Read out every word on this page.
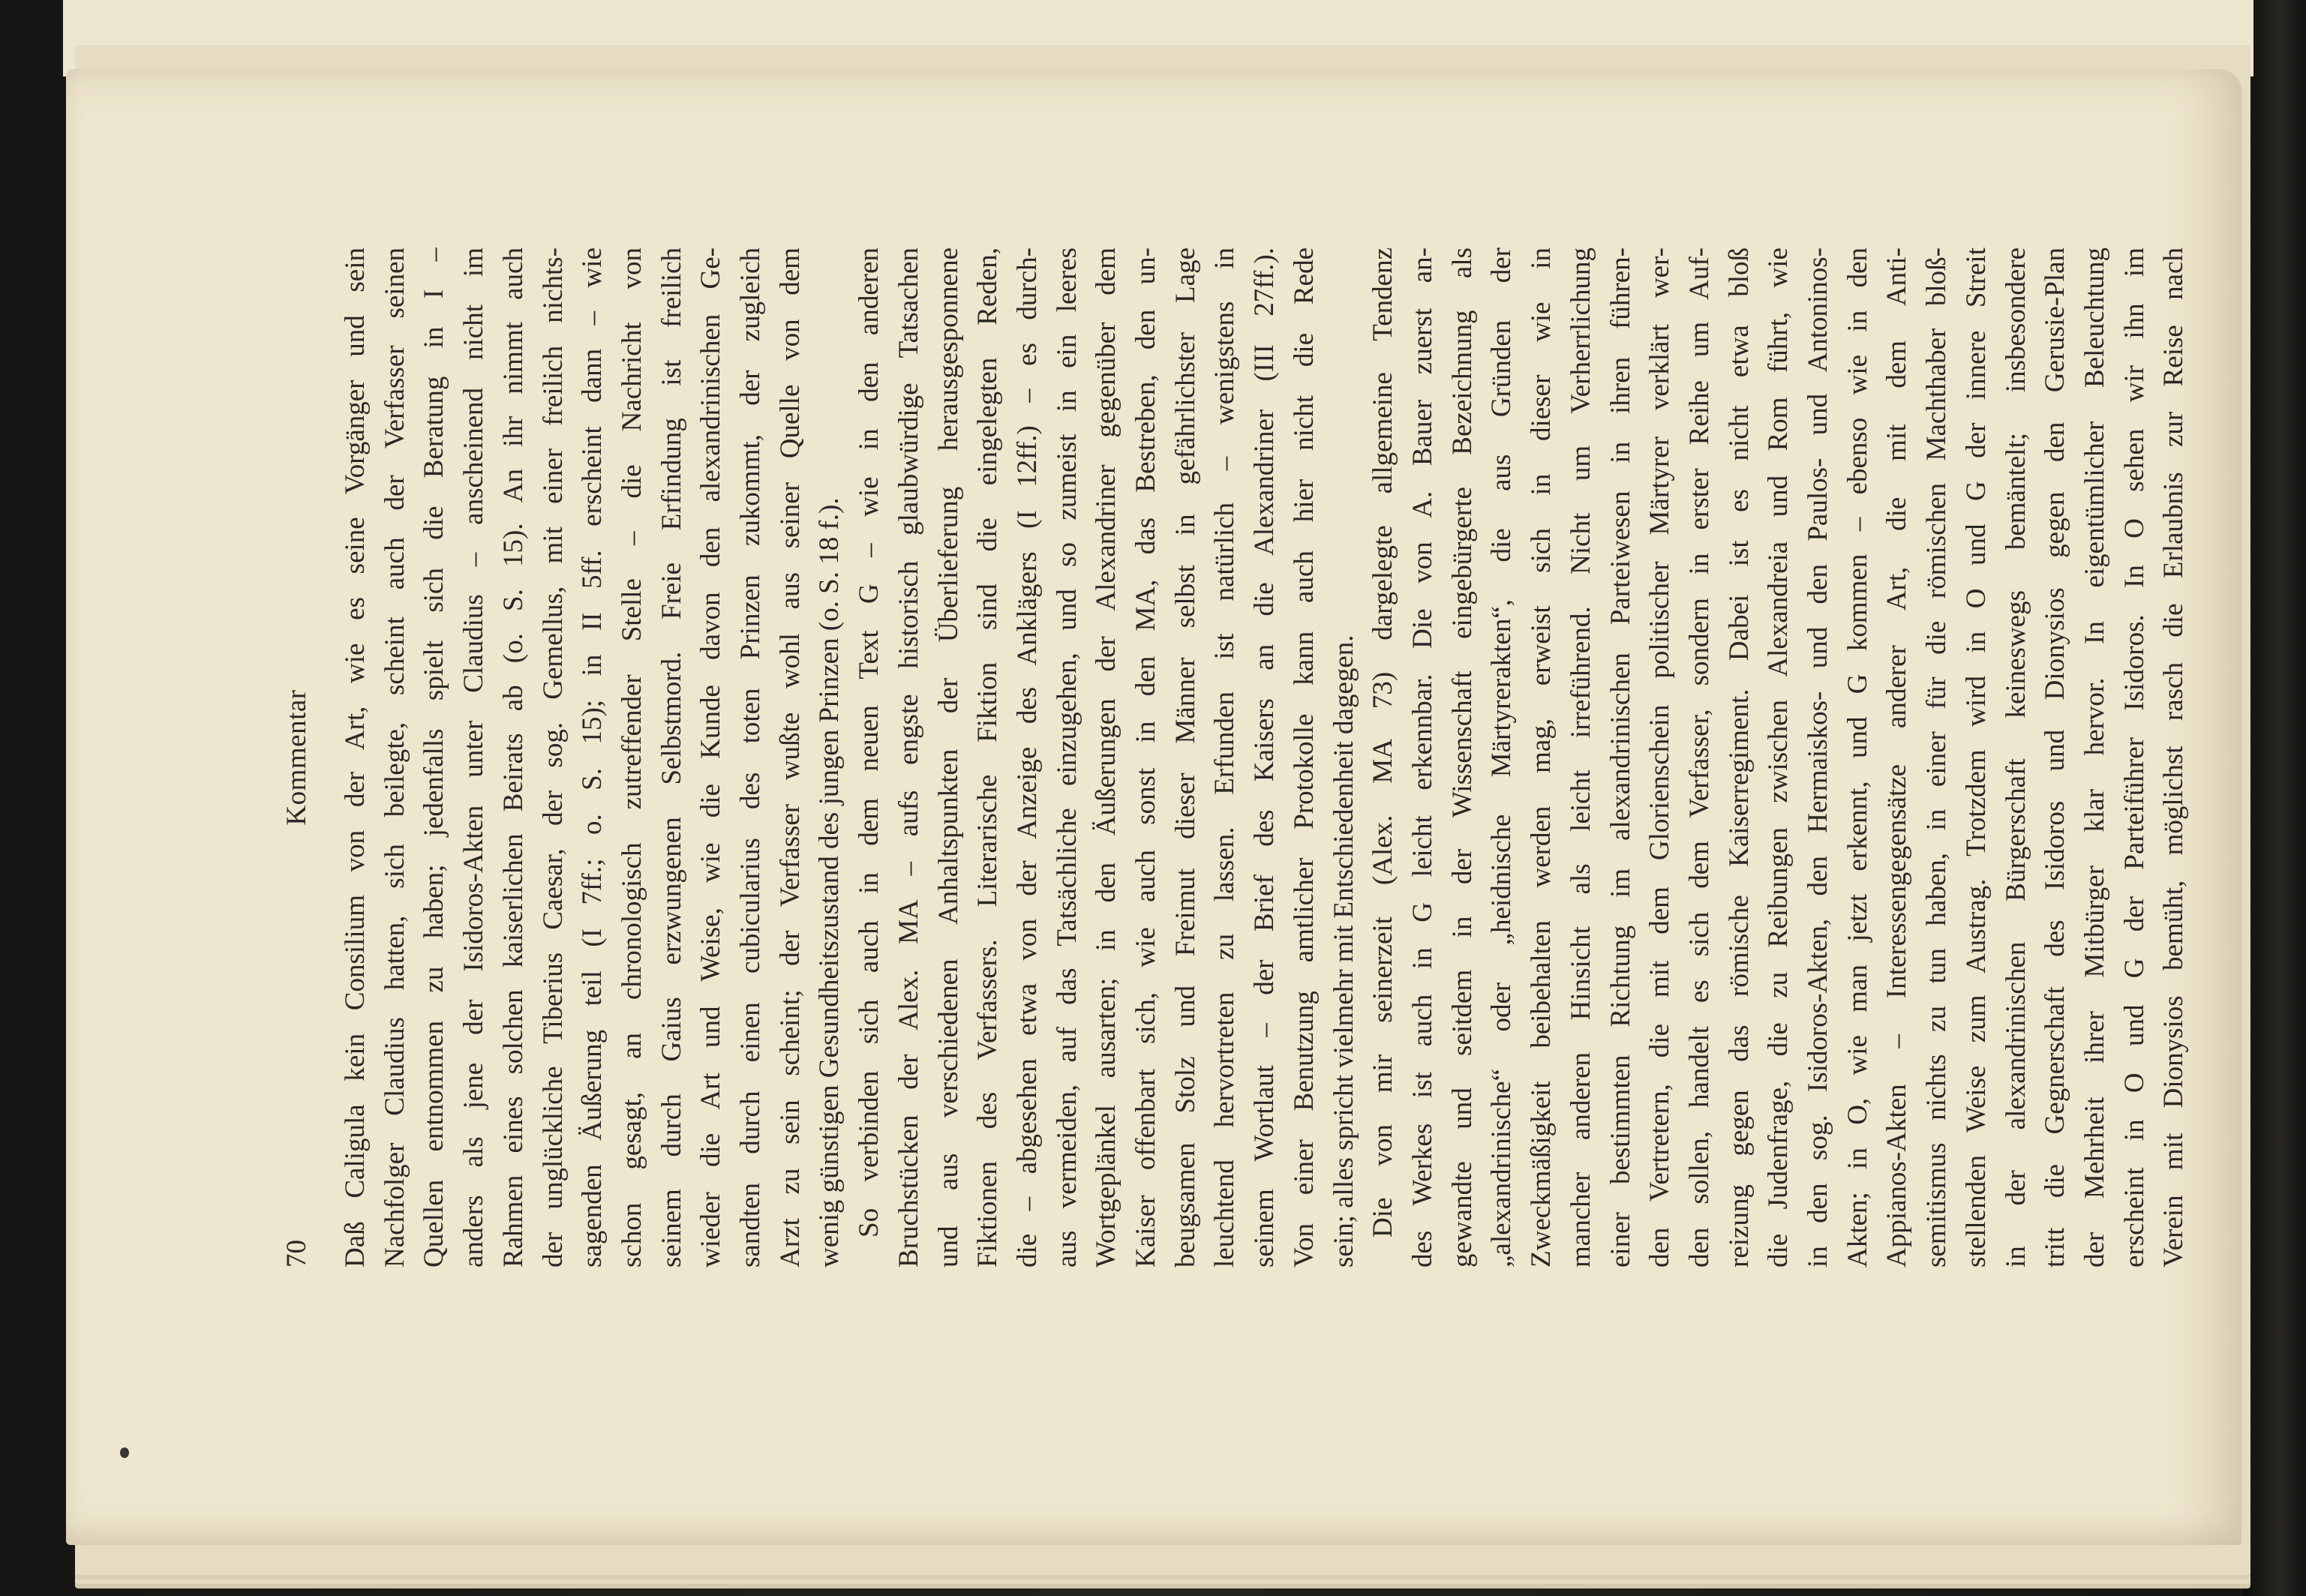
70
Kommentar Daß Caligula kein Consilium von der Art, wie es seine Vorgänger und sein Nachfolger Claudius hatten, sich beilegte, scheint auch der Verfasser seinen Quellen entnommen zu haben; jedenfalls spielt sich die Beratung in I – anders als jene der Isidoros-Akten unter Claudius – anscheinend nicht im Rahmen eines solchen kaiserlichen Beirats ab (o. S. 15). An ihr nimmt auch der unglückliche Tiberius Caesar, der sog. Gemellus, mit einer freilich nichts- sagenden Äußerung teil (I 7ff.; o. S. 15); in II 5ff. erscheint dann – wie schon gesagt, an chronologisch zutreffender Stelle – die Nachricht von seinem durch Gaius erzwungenen Selbstmord. Freie Erfindung ist freilich wieder die Art und Weise, wie die Kunde davon den alexandrinischen Ge- sandten durch einen cubicularius des toten Prinzen zukommt, der zugleich Arzt zu sein scheint; der Verfasser wußte wohl aus seiner Quelle von dem wenig günstigen Gesundheitszustand des jungen Prinzen (o. S. 18 f.). So verbinden sich auch in dem neuen Text G – wie in den anderen Bruchstücken der Alex. MA – aufs engste historisch glaubwürdige Tatsachen und aus verschiedenen Anhaltspunkten der Überlieferung herausgesponnene Fiktionen des Verfassers. Literarische Fiktion sind die eingelegten Reden, die – abgesehen etwa von der Anzeige des Anklägers (I 12ff.) – es durch- aus vermeiden, auf das Tatsächliche einzugehen, und so zumeist in ein leeres Wortgeplänkel ausarten; in den Äußerungen der Alexandriner gegenüber dem Kaiser offenbart sich, wie auch sonst in den MA, das Bestreben, den un- beugsamen Stolz und Freimut dieser Männer selbst in gefährlichster Lage leuchtend hervortreten zu lassen. Erfunden ist natürlich – wenigstens in seinem Wortlaut – der Brief des Kaisers an die Alexandriner (III 27ff.). Von einer Benutzung amtlicher Protokolle kann auch hier nicht die Rede sein; alles spricht vielmehr mit Entschiedenheit dagegen. Die von mir seinerzeit (Alex. MA 73) dargelegte allgemeine Tendenz des Werkes ist auch in G leicht erkennbar. Die von A. Bauer zuerst an- gewandte und seitdem in der Wissenschaft eingebürgerte Bezeichnung als „alexandrinische“ oder „heidnische Märtyrerakten“, die aus Gründen der Zweckmäßigkeit beibehalten werden mag, erweist sich in dieser wie in mancher anderen Hinsicht als leicht irreführend. Nicht um Verherrlichung einer bestimmten Richtung im alexandrinischen Parteiwesen in ihren führen- den Vertretern, die mit dem Glorienschein politischer Märtyrer verklärt wer- den sollen, handelt es sich dem Verfasser, sondern in erster Reihe um Auf- reizung gegen das römische Kaiserregiment. Dabei ist es nicht etwa bloß die Judenfrage, die zu Reibungen zwischen Alexandreia und Rom führt, wie in den sog. Isidoros-Akten, den Hermaiskos- und den Paulos- und Antoninos- Akten; in O, wie man jetzt erkennt, und G kommen – ebenso wie in den Appianos-Akten – Interessengegensätze anderer Art, die mit dem Anti- semitismus nichts zu tun haben, in einer für die römischen Machthaber bloß- stellenden Weise zum Austrag. Trotzdem wird in O und G der innere Streit in der alexandrinischen Bürgerschaft keineswegs bemäntelt; insbesondere tritt die Gegnerschaft des Isidoros und Dionysios gegen den Gerusie-Plan der Mehrheit ihrer Mitbürger klar hervor. In eigentümlicher Beleuchtung erscheint in O und G der Parteiführer Isidoros. In O sehen wir ihn im Verein mit Dionysios bemüht, möglichst rasch die Erlaubnis zur Reise nach
